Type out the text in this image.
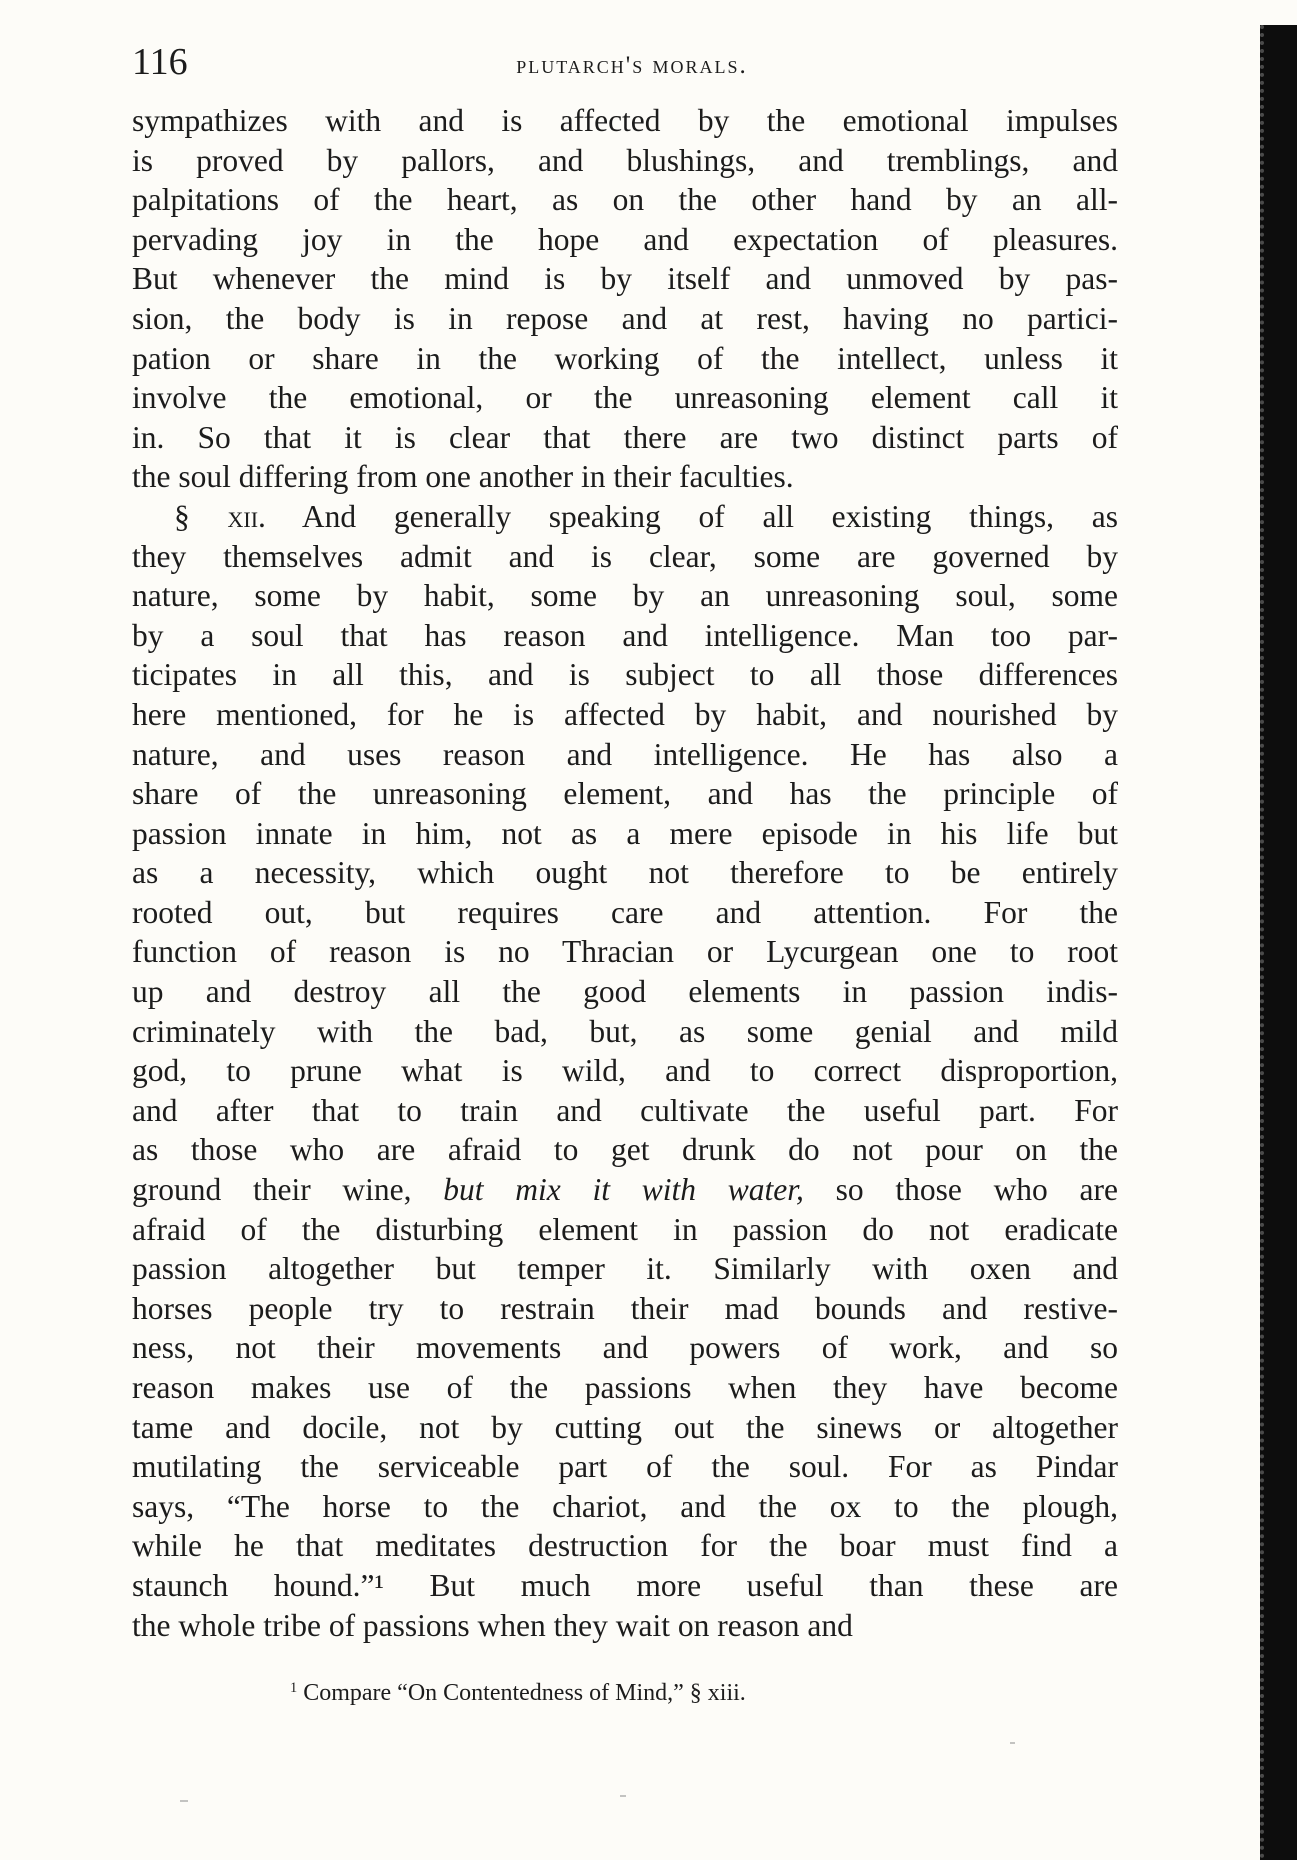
116	plutarch's morals.
sympathizes with and is affected by the emotional impulses
is proved by pallors, and blushings, and tremblings, and
palpitations of the heart, as on the other hand by an all-
pervading joy in the hope and expectation of pleasures.
But whenever the mind is by itself and unmoved by pas-
sion, the body is in repose and at rest, having no partici-
pation or share in the working of the intellect, unless it
involve the emotional, or the unreasoning element call it
in. So that it is clear that there are two distinct parts of
the soul differing from one another in their faculties.
§ xii. And generally speaking of all existing things, as
they themselves admit and is clear, some are governed by
nature, some by habit, some by an unreasoning soul, some
by a soul that has reason and intelligence. Man too par-
ticipates in all this, and is subject to all those differences
here mentioned, for he is affected by habit, and nourished by
nature, and uses reason and intelligence. He has also a
share of the unreasoning element, and has the principle of
passion innate in him, not as a mere episode in his life but
as a necessity, which ought not therefore to be entirely
rooted out, but requires care and attention. For the
function of reason is no Thracian or Lycurgean one to root
up and destroy all the good elements in passion indis-
criminately with the bad, but, as some genial and mild
god, to prune what is wild, and to correct disproportion,
and after that to train and cultivate the useful part. For
as those who are afraid to get drunk do not pour on the
ground their wine, but mix it with water, so those who are
afraid of the disturbing element in passion do not eradicate
passion altogether but temper it. Similarly with oxen and
horses people try to restrain their mad bounds and restive-
ness, not their movements and powers of work, and so
reason makes use of the passions when they have become
tame and docile, not by cutting out the sinews or altogether
mutilating the serviceable part of the soul. For as Pindar
says, “The horse to the chariot, and the ox to the plough,
while he that meditates destruction for the boar must find a
staunch hound.”¹ But much more useful than these are
the whole tribe of passions when they wait on reason and
$^1$ Compare “On Contentedness of Mind,” § xiii.
